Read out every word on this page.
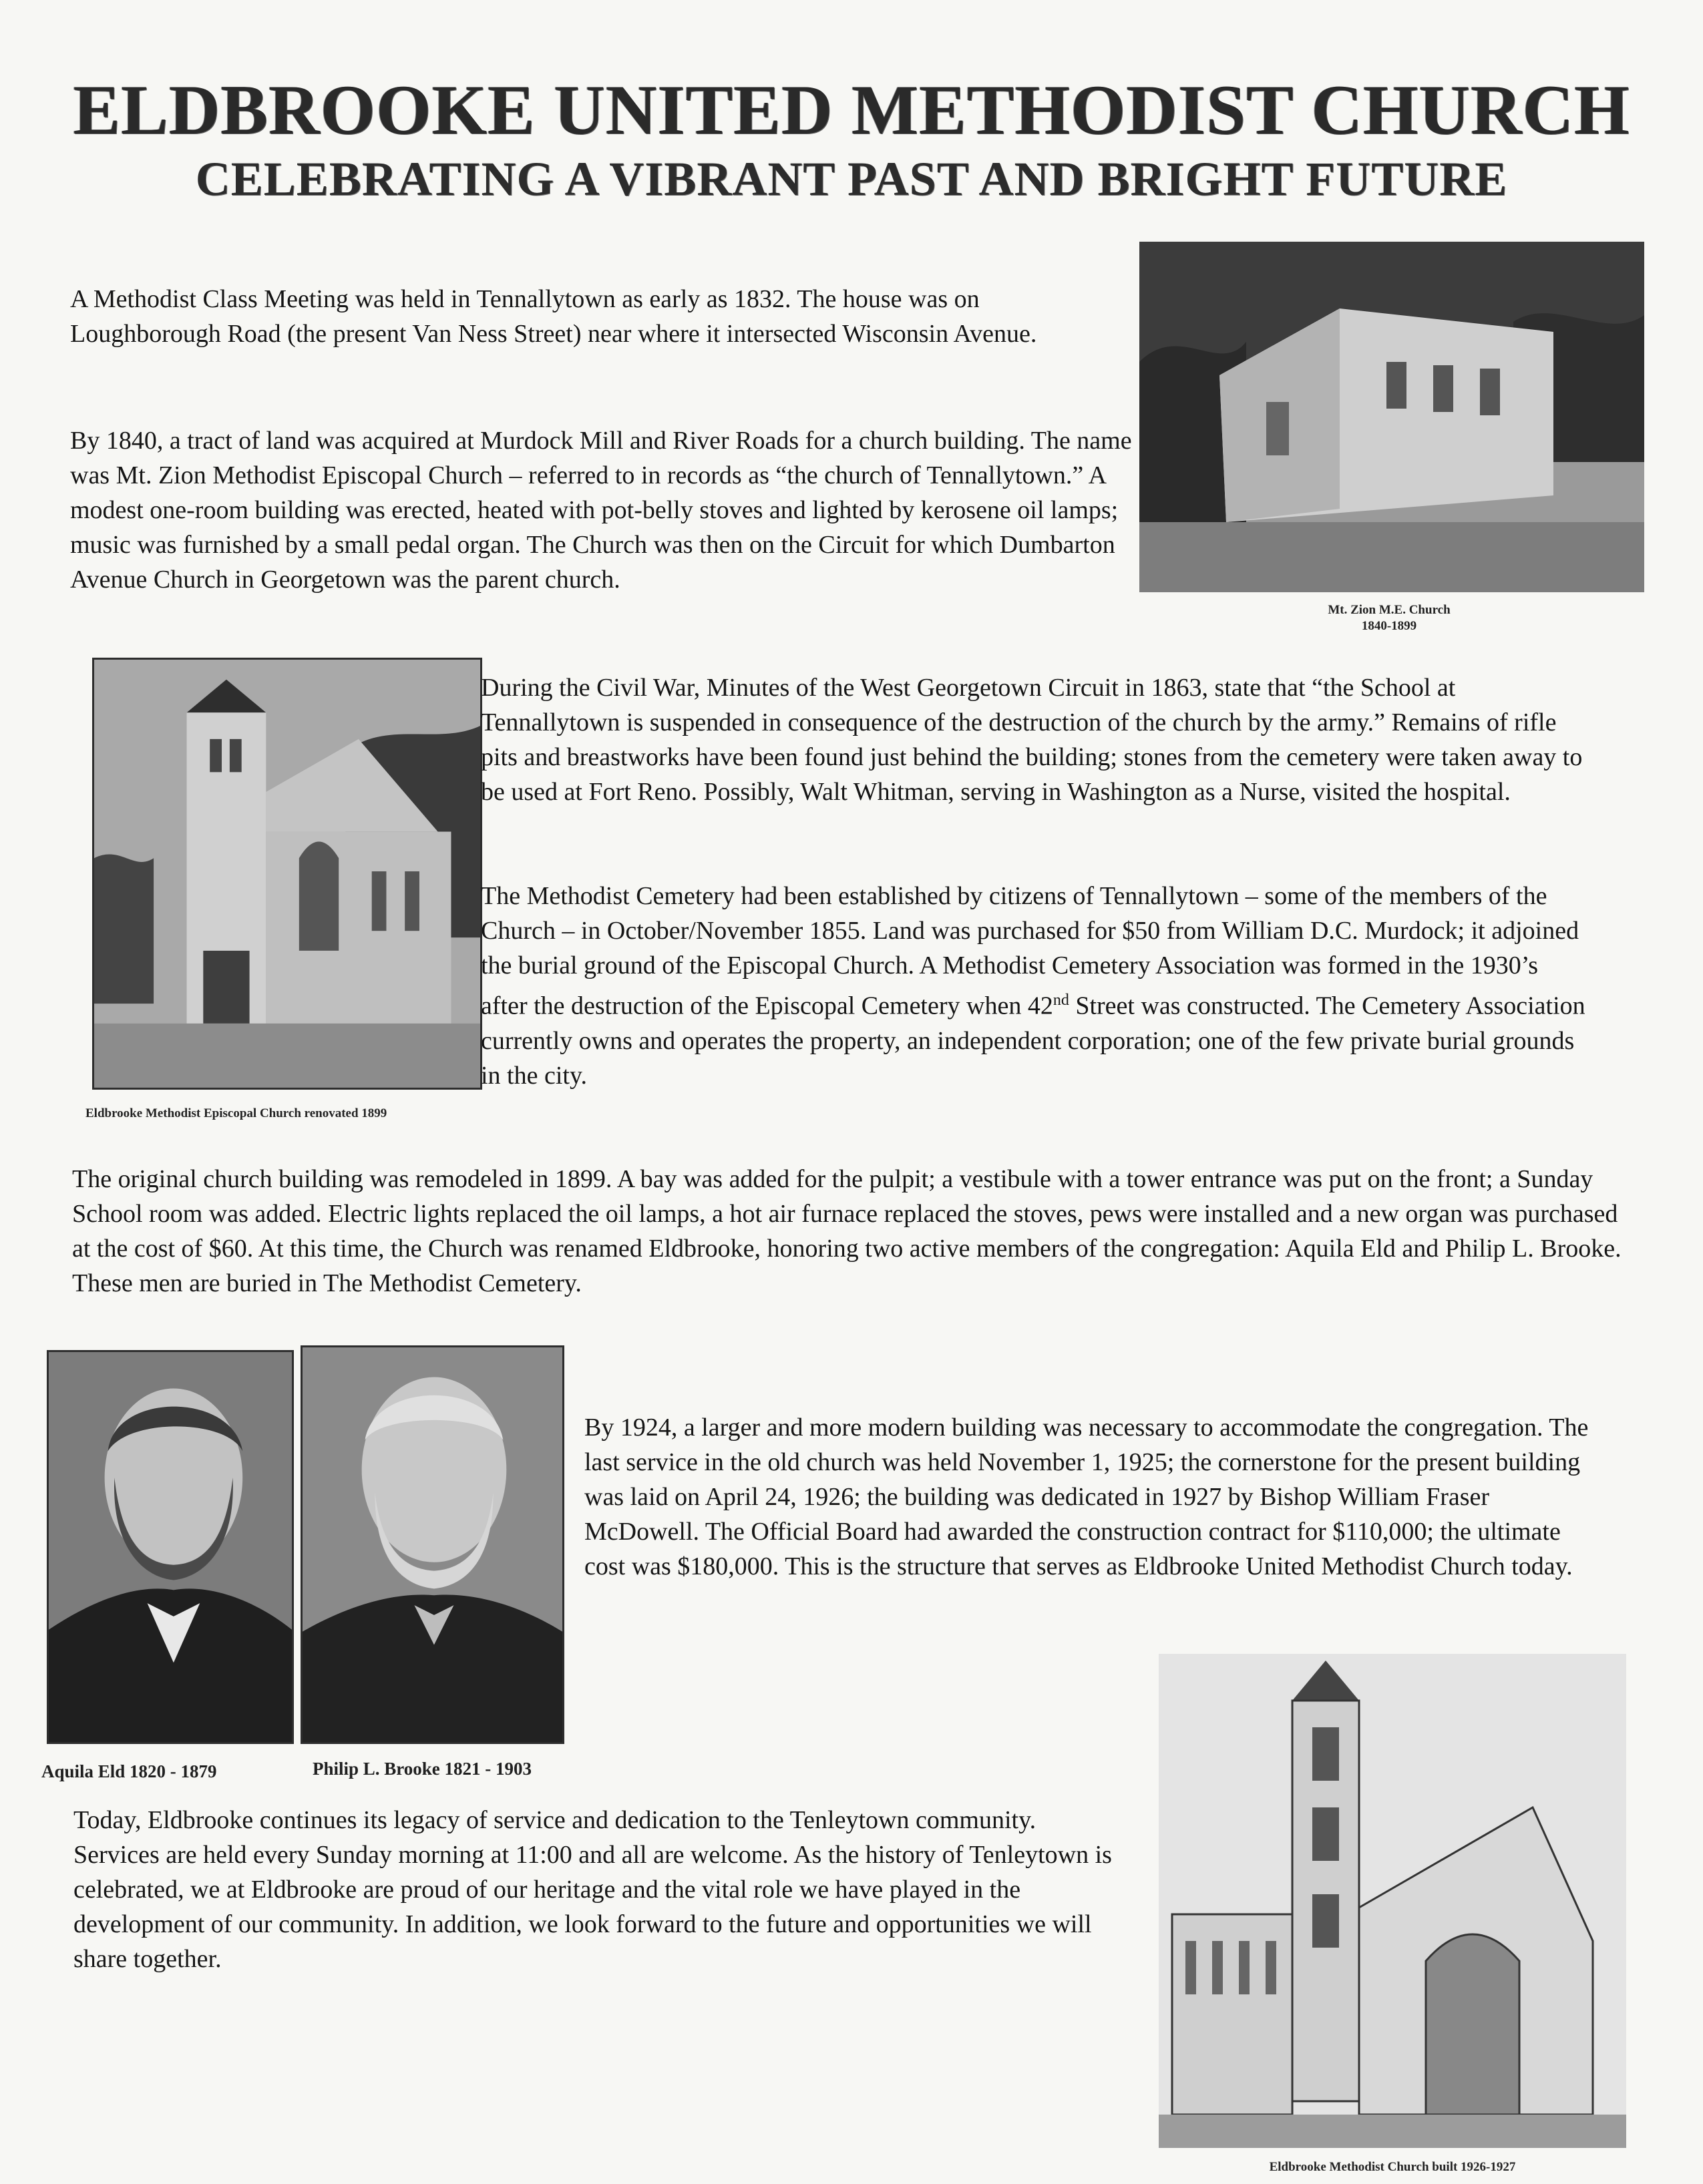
ELDBROOKE UNITED METHODIST CHURCH
CELEBRATING A VIBRANT PAST AND BRIGHT FUTURE

A Methodist Class Meeting was held in Tennallytown as early as 1832. The house was on Loughborough Road (the present Van Ness Street) near where it intersected Wisconsin Avenue.

By 1840, a tract of land was acquired at Murdock Mill and River Roads for a church building. The name was Mt. Zion Methodist Episcopal Church – referred to in records as “the church of Tennallytown.” A modest one-room building was erected, heated with pot-belly stoves and lighted by kerosene oil lamps; music was furnished by a small pedal organ. The Church was then on the Circuit for which Dumbarton Avenue Church in Georgetown was the parent church.

Mt. Zion M.E. Church
1840-1899

Eldbrooke Methodist Episcopal Church renovated 1899

During the Civil War, Minutes of the West Georgetown Circuit in 1863, state that “the School at Tennallytown is suspended in consequence of the destruction of the church by the army.” Remains of rifle pits and breastworks have been found just behind the building; stones from the cemetery were taken away to be used at Fort Reno. Possibly, Walt Whitman, serving in Washington as a Nurse, visited the hospital.

The Methodist Cemetery had been established by citizens of Tennallytown – some of the members of the Church – in October/November 1855. Land was purchased for $50 from William D.C. Murdock; it adjoined the burial ground of the Episcopal Church. A Methodist Cemetery Association was formed in the 1930’s after the destruction of the Episcopal Cemetery when 42nd Street was constructed. The Cemetery Association currently owns and operates the property, an independent corporation; one of the few private burial grounds in the city.

The original church building was remodeled in 1899. A bay was added for the pulpit; a vestibule with a tower entrance was put on the front; a Sunday School room was added. Electric lights replaced the oil lamps, a hot air furnace replaced the stoves, pews were installed and a new organ was purchased at the cost of $60. At this time, the Church was renamed Eldbrooke, honoring two active members of the congregation: Aquila Eld and Philip L. Brooke. These men are buried in The Methodist Cemetery.

Aquila Eld 1820 - 1879	Philip L. Brooke 1821 - 1903

By 1924, a larger and more modern building was necessary to accommodate the congregation. The last service in the old church was held November 1, 1925; the cornerstone for the present building was laid on April 24, 1926; the building was dedicated in 1927 by Bishop William Fraser McDowell. The Official Board had awarded the construction contract for $110,000; the ultimate cost was $180,000. This is the structure that serves as Eldbrooke United Methodist Church today.

Today, Eldbrooke continues its legacy of service and dedication to the Tenleytown community. Services are held every Sunday morning at 11:00 and all are welcome. As the history of Tenleytown is celebrated, we at Eldbrooke are proud of our heritage and the vital role we have played in the development of our community. In addition, we look forward to the future and opportunities we will share together.

Eldbrooke Methodist Church built 1926-1927
